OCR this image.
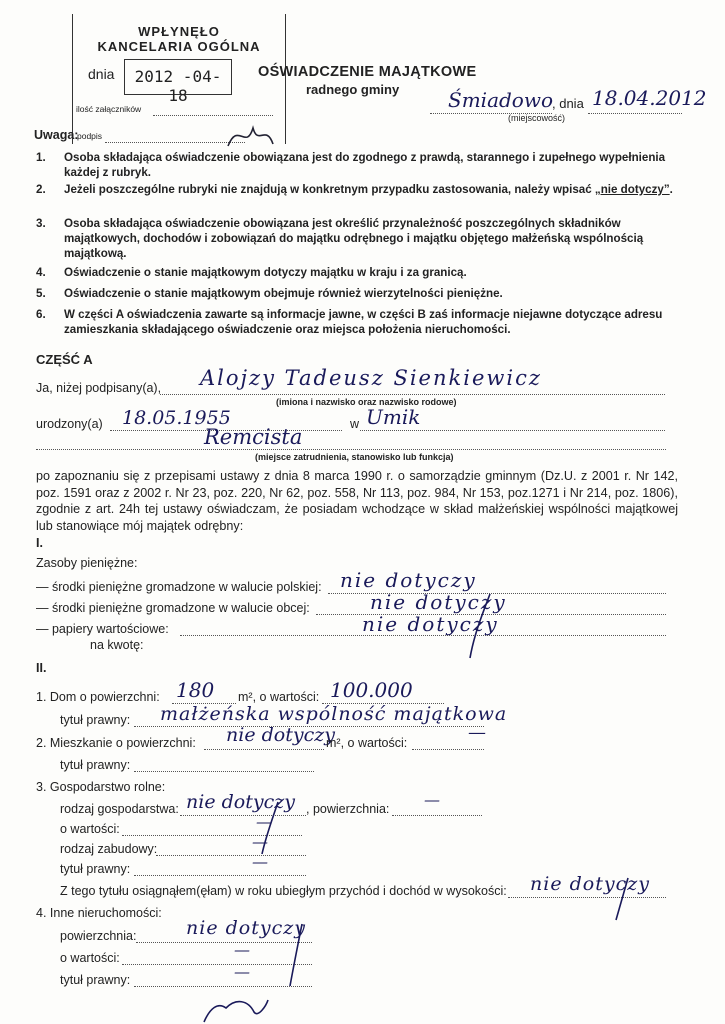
WPŁYNĘŁO
KANCELARIA OGÓLNA
dnia
ilość załączników
podpis
2012 -04- 18
OŚWIADCZENIE MAJĄTKOWE
radnego gminy Śmiadowo , dnia 18.04.2012
(miejscowość)
Uwaga:
1. Osoba składająca oświadczenie obowiązana jest do zgodnego z prawdą, starannego i zupełnego wypełnienia każdej z rubryk.
2. Jeżeli poszczególne rubryki nie znajdują w konkretnym przypadku zastosowania, należy wpisać „nie dotyczy”.
3. Osoba składająca oświadczenie obowiązana jest określić przynależność poszczególnych składników majątkowych, dochodów i zobowiązań do majątku odrębnego i majątku objętego małżeńską wspólnością majątkową.
4. Oświadczenie o stanie majątkowym dotyczy majątku w kraju i za granicą.
5. Oświadczenie o stanie majątkowym obejmuje również wierzytelności pieniężne.
6. W części A oświadczenia zawarte są informacje jawne, w części B zaś informacje niejawne dotyczące adresu zamieszkania składającego oświadczenie oraz miejsca położenia nieruchomości.
CZĘŚĆ A
Ja, niżej podpisany(a), Alojzy Tadeusz Sienkiewicz
(imiona i nazwisko oraz nazwisko rodowe)
urodzony(a) 18.05.1955	w Umik
Remcista
(miejsce zatrudnienia, stanowisko lub funkcja)
po zapoznaniu się z przepisami ustawy z dnia 8 marca 1990 r. o samorządzie gminnym (Dz.U. z 2001 r. Nr 142, poz. 1591 oraz z 2002 r. Nr 23, poz. 220, Nr 62, poz. 558, Nr 113, poz. 984, Nr 153, poz.1271 i Nr 214, poz. 1806), zgodnie z art. 24h tej ustawy oświadczam, że posiadam wchodzące w skład małżeńskiej wspólności majątkowej lub stanowiące mój majątek odrębny:
I.
Zasoby pieniężne:
— środki pieniężne gromadzone w walucie polskiej: nie dotyczy
— środki pieniężne gromadzone w walucie obcej:	nie dotyczy
— papiery wartościowe:	nie dotyczy
na kwotę:
II.
1. Dom o powierzchni: 180 m², o wartości: 100.000
tytuł prawny: małżeńska wspólność majątkowa
2. Mieszkanie o powierzchni: nie dotyczy
m², o wartości:	—
tytuł prawny:
3. Gospodarstwo rolne:
rodzaj gospodarstwa: nie dotyczy , powierzchnia: —
o wartości:	—
rodzaj zabudowy:	—
tytuł prawny:	—
Z tego tytułu osiągnąłem(ęłam) w roku ubiegłym przychód i dochód w wysokości: nie dotyczy
4. Inne nieruchomości:
powierzchnia:	nie dotyczy
o wartości:	—
tytuł prawny:	—
